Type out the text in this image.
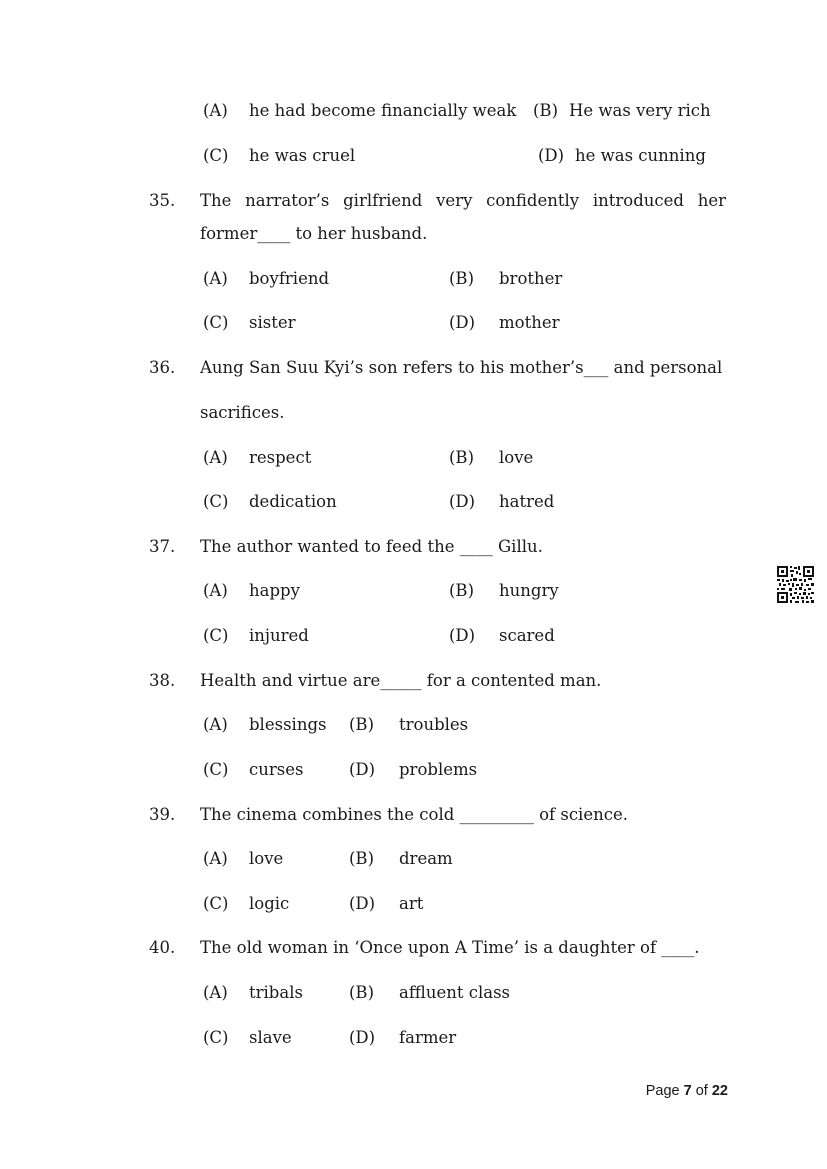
(A) he had become financially weak (B) He was very rich
(C) he was cruel	(D) he was cunning
35. The narrator’s girlfriend very confidently introduced her
former____ to her husband.
(A) boyfriend	(B) brother
(C) sister	(D) mother
36. Aung San Suu Kyi’s son refers to his mother’s___ and personal
sacrifices.
(A) respect	(B) love
(C) dedication	(D) hatred
37. The author wanted to feed the ____ Gillu.
(A) happy	(B) hungry
(C) injured	(D) scared
38. Health and virtue are_____ for a contented man.
(A) blessings (B) troubles
(C) curses	(D) problems
39. The cinema combines the cold _________ of science.
(A) love	(B) dream
(C) logic	(D) art
40. The old woman in ‘Once upon A Time’ is a daughter of ____.
(A) tribals	(B) affluent class
(C) slave	(D) farmer
Page 7 of 22
